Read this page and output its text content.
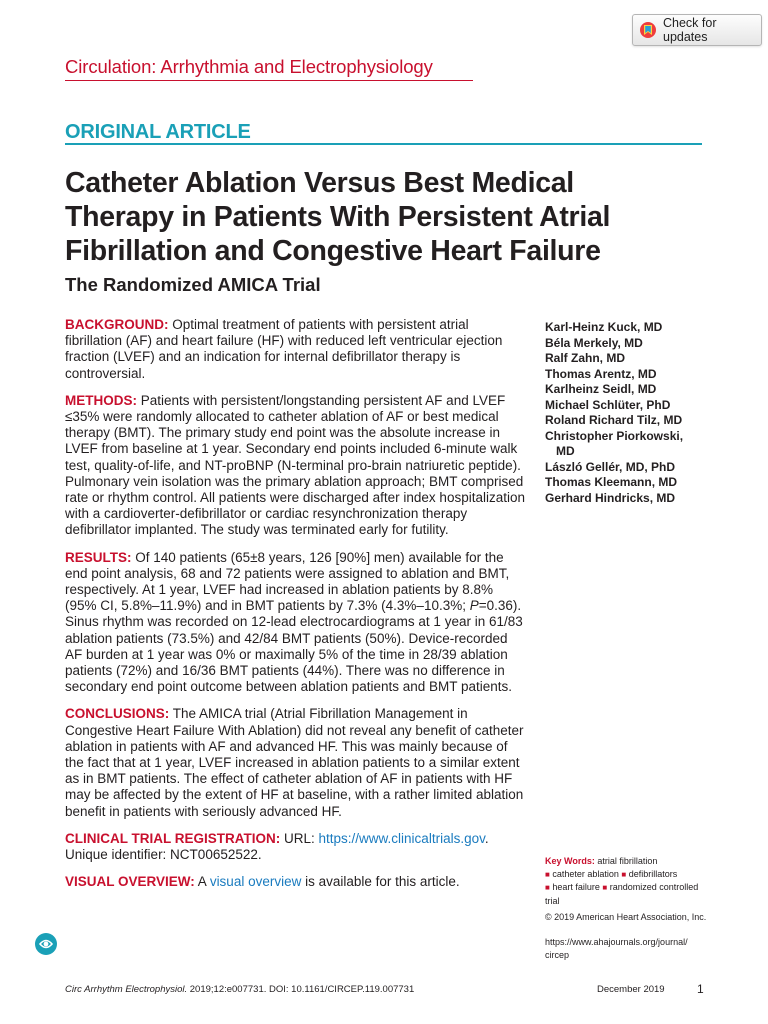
Check for updates
Circulation: Arrhythmia and Electrophysiology
ORIGINAL ARTICLE
Catheter Ablation Versus Best Medical
Therapy in Patients With Persistent Atrial
Fibrillation and Congestive Heart Failure
The Randomized AMICA Trial

BACKGROUND: Optimal treatment of patients with persistent atrial fibrillation (AF) and heart failure (HF) with reduced left ventricular ejection fraction (LVEF) and an indication for internal defibrillator therapy is controversial.

METHODS: Patients with persistent/longstanding persistent AF and LVEF ≤35% were randomly allocated to catheter ablation of AF or best medical therapy (BMT). The primary study end point was the absolute increase in LVEF from baseline at 1 year. Secondary end points included 6-minute walk test, quality-of-life, and NT-proBNP (N-terminal pro-brain natriuretic peptide). Pulmonary vein isolation was the primary ablation approach; BMT comprised rate or rhythm control. All patients were discharged after index hospitalization with a cardioverter-defibrillator or cardiac resynchronization therapy defibrillator implanted. The study was terminated early for futility.

RESULTS: Of 140 patients (65±8 years, 126 [90%] men) available for the end point analysis, 68 and 72 patients were assigned to ablation and BMT, respectively. At 1 year, LVEF had increased in ablation patients by 8.8% (95% CI, 5.8%–11.9%) and in BMT patients by 7.3% (4.3%–10.3%; P=0.36). Sinus rhythm was recorded on 12-lead electrocardiograms at 1 year in 61/83 ablation patients (73.5%) and 42/84 BMT patients (50%). Device-recorded AF burden at 1 year was 0% or maximally 5% of the time in 28/39 ablation patients (72%) and 16/36 BMT patients (44%). There was no difference in secondary end point outcome between ablation patients and BMT patients.

CONCLUSIONS: The AMICA trial (Atrial Fibrillation Management in Congestive Heart Failure With Ablation) did not reveal any benefit of catheter ablation in patients with AF and advanced HF. This was mainly because of the fact that at 1 year, LVEF increased in ablation patients to a similar extent as in BMT patients. The effect of catheter ablation of AF in patients with HF may be affected by the extent of HF at baseline, with a rather limited ablation benefit in patients with seriously advanced HF.

CLINICAL TRIAL REGISTRATION: URL: https://www.clinicaltrials.gov.
Unique identifier: NCT00652522.

VISUAL OVERVIEW: A visual overview is available for this article.

Karl-Heinz Kuck, MD
Béla Merkely, MD
Ralf Zahn, MD
Thomas Arentz, MD
Karlheinz Seidl, MD
Michael Schlüter, PhD
Roland Richard Tilz, MD
Christopher Piorkowski,
MD
László Gellér, MD, PhD
Thomas Kleemann, MD
Gerhard Hindricks, MD
Key Words: atrial fibrillation
■ catheter ablation ■ defibrillators
■ heart failure ■ randomized controlled trial
© 2019 American Heart Association, Inc.
https://www.ahajournals.org/journal/
circep
Circ Arrhythm Electrophysiol. 2019;12:e007731. DOI: 10.1161/CIRCEP.119.007731	December 2019	1
